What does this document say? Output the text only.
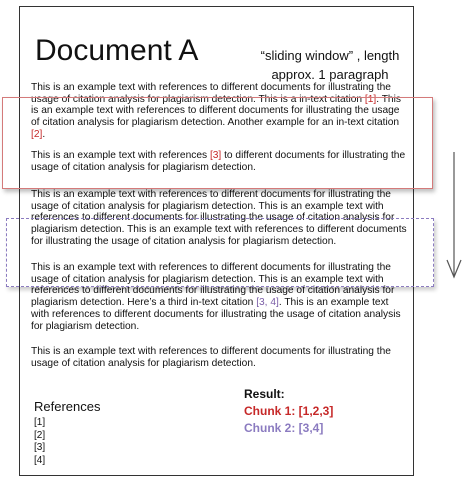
Document A	“sliding window” , length
approx. 1 paragraph
This is an example text with references to different documents for illustrating the usage of citation analysis for plagiarism detection. This is a in-text citation [1]. This is an example text with references to different documents for illustrating the usage of citation analysis for plagiarism detection. Another example for an in-text citation [2].
This is an example text with references [3] to different documents for illustrating the usage of citation analysis for plagiarism detection.
This is an example text with references to different documents for illustrating the usage of citation analysis for plagiarism detection. This is an example text with references to different documents for illustrating the usage of citation analysis for plagiarism detection. This is an example text with references to different documents for illustrating the usage of citation analysis for plagiarism detection.
This is an example text with references to different documents for illustrating the usage of citation analysis for plagiarism detection. This is an example text with references to different documents for illustrating the usage of citation analysis for plagiarism detection. Here’s a third in-text citation [3, 4]. This is an example text with references to different documents for illustrating the usage of citation analysis for plagiarism detection.
This is an example text with references to different documents for illustrating the usage of citation analysis for plagiarism detection.
References
[1]
[2]
[3]
[4]
Result:
Chunk 1: [1,2,3]
Chunk 2: [3,4]
